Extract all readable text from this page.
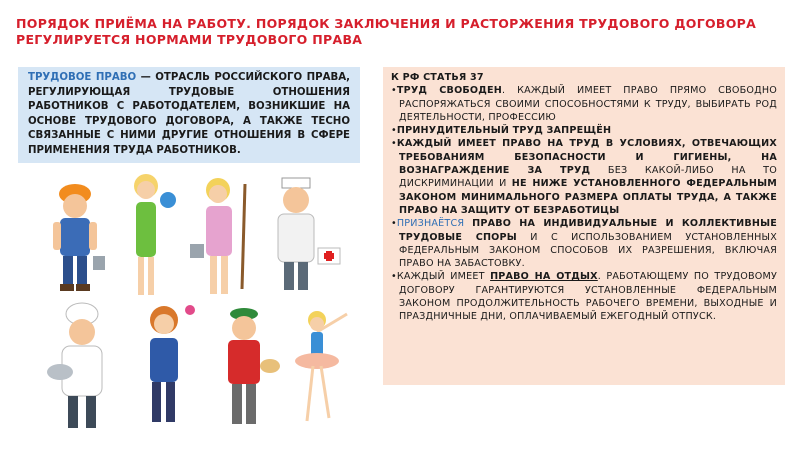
ПОРЯДОК ПРИЁМА НА РАБОТУ. ПОРЯДОК ЗАКЛЮЧЕНИЯ И РАСТОРЖЕНИЯ ТРУДОВОГО ДОГОВОРА РЕГУЛИРУЕТСЯ НОРМАМИ ТРУДОВОГО ПРАВА
ТРУДОВОЕ ПРАВО — ОТРАСЛЬ РОССИЙСКОГО ПРАВА, РЕГУЛИРУЮЩАЯ ТРУДОВЫЕ ОТНОШЕНИЯ РАБОТНИКОВ С РАБОТОДАТЕЛЕМ, ВОЗНИКШИЕ НА ОСНОВЕ ТРУДОВОГО ДОГОВОРА, А ТАКЖЕ ТЕСНО СВЯЗАННЫЕ С НИМИ ДРУГИЕ ОТНОШЕНИЯ В СФЕРЕ ПРИМЕНЕНИЯ ТРУДА РАБОТНИКОВ.

К РФ СТАТЬЯ 37

•ТРУД СВОБОДЕН. КАЖДЫЙ ИМЕЕТ ПРАВО ПРЯМО СВОБОДНО РАСПОРЯЖАТЬСЯ СВОИМИ СПОСОБНОСТЯМИ К ТРУДУ, ВЫБИРАТЬ РОД ДЕЯТЕЛЬНОСТИ, ПРОФЕССИЮ

•ПРИНУДИТЕЛЬНЫЙ ТРУД ЗАПРЕЩЁН

•КАЖДЫЙ ИМЕЕТ ПРАВО НА ТРУД В УСЛОВИЯХ, ОТВЕЧАЮЩИХ ТРЕБОВАНИЯМ БЕЗОПАСНОСТИ И ГИГИЕНЫ, НА ВОЗНАГРАЖДЕНИЕ ЗА ТРУД БЕЗ КАКОЙ-ЛИБО НА ТО ДИСКРИМИНАЦИИ И НЕ НИЖЕ УСТАНОВЛЕННОГО ФЕДЕРАЛЬНЫМ ЗАКОНОМ МИНИМАЛЬНОГО РАЗМЕРА ОПЛАТЫ ТРУДА, А ТАКЖЕ ПРАВО НА ЗАЩИТУ ОТ БЕЗРАБОТИЦЫ

•ПРИЗНАЁТСЯ ПРАВО НА ИНДИВИДУАЛЬНЫЕ И КОЛЛЕКТИВНЫЕ ТРУДОВЫЕ СПОРЫ И С ИСПОЛЬЗОВАНИЕМ УСТАНОВЛЕННЫХ ФЕДЕРАЛЬНЫМ ЗАКОНОМ СПОСОБОВ ИХ РАЗРЕШЕНИЯ, ВКЛЮЧАЯ ПРАВО НА ЗАБАСТОВКУ.

•КАЖДЫЙ ИМЕЕТ ПРАВО НА ОТДЫХ. РАБОТАЮЩЕМУ ПО ТРУДОВОМУ ДОГОВОРУ ГАРАНТИРУЮТСЯ УСТАНОВЛЕННЫЕ ФЕДЕРАЛЬНЫМ ЗАКОНОМ ПРОДОЛЖИТЕЛЬНОСТЬ РАБОЧЕГО ВРЕМЕНИ, ВЫХОДНЫЕ И ПРАЗДНИЧНЫЕ ДНИ, ОПЛАЧИВАЕМЫЙ ЕЖЕГОДНЫЙ ОТПУСК.
